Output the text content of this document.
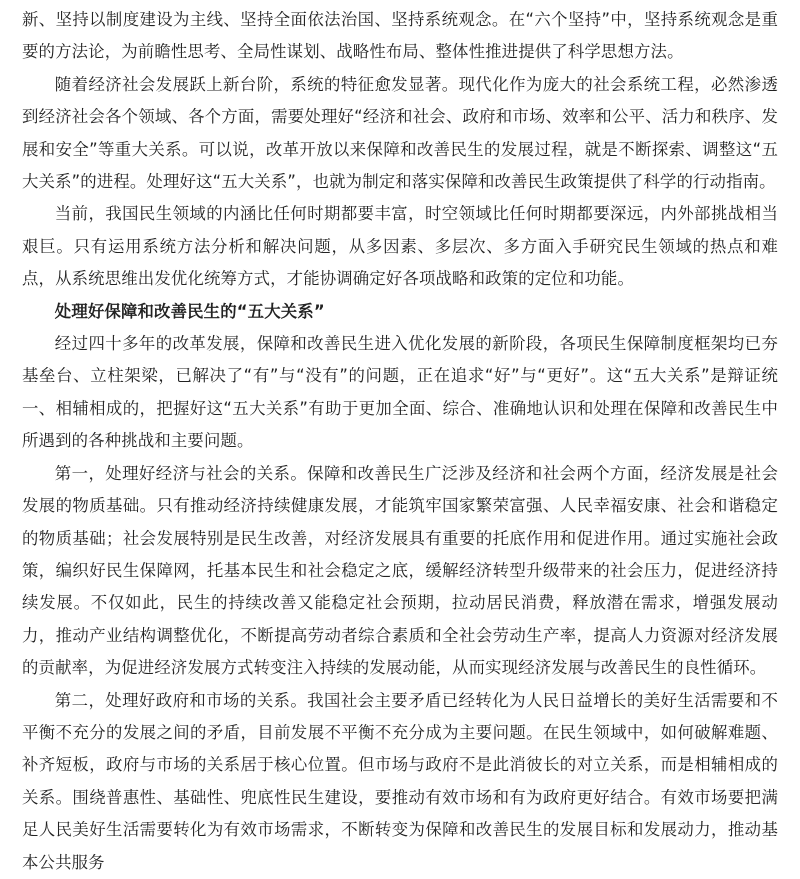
新、坚持以制度建设为主线、坚持全面依法治国、坚持系统观念。在“六个坚持”中，坚持系统观念是重要的方法论，为前瞻性思考、全局性谋划、战略性布局、整体性推进提供了科学思想方法。

随着经济社会发展跃上新台阶，系统的特征愈发显著。现代化作为庞大的社会系统工程，必然渗透到经济社会各个领域、各个方面，需要处理好“经济和社会、政府和市场、效率和公平、活力和秩序、发展和安全”等重大关系。可以说，改革开放以来保障和改善民生的发展过程，就是不断探索、调整这“五大关系”的进程。处理好这“五大关系”，也就为制定和落实保障和改善民生政策提供了科学的行动指南。

当前，我国民生领域的内涵比任何时期都要丰富，时空领域比任何时期都要深远，内外部挑战相当艰巨。只有运用系统方法分析和解决问题，从多因素、多层次、多方面入手研究民生领域的热点和难点，从系统思维出发优化统筹方式，才能协调确定好各项战略和政策的定位和功能。

处理好保障和改善民生的“五大关系”

经过四十多年的改革发展，保障和改善民生进入优化发展的新阶段，各项民生保障制度框架均已夯基垒台、立柱架梁，已解决了“有”与“没有”的问题，正在追求“好”与“更好”。这“五大关系”是辩证统一、相辅相成的，把握好这“五大关系”有助于更加全面、综合、准确地认识和处理在保障和改善民生中所遇到的各种挑战和主要问题。

第一，处理好经济与社会的关系。保障和改善民生广泛涉及经济和社会两个方面，经济发展是社会发展的物质基础。只有推动经济持续健康发展，才能筑牢国家繁荣富强、人民幸福安康、社会和谐稳定的物质基础；社会发展特别是民生改善，对经济发展具有重要的托底作用和促进作用。通过实施社会政策，编织好民生保障网，托基本民生和社会稳定之底，缓解经济转型升级带来的社会压力，促进经济持续发展。不仅如此，民生的持续改善又能稳定社会预期，拉动居民消费，释放潜在需求，增强发展动力，推动产业结构调整优化，不断提高劳动者综合素质和全社会劳动生产率，提高人力资源对经济发展的贡献率，为促进经济发展方式转变注入持续的发展动能，从而实现经济发展与改善民生的良性循环。

第二，处理好政府和市场的关系。我国社会主要矛盾已经转化为人民日益增长的美好生活需要和不平衡不充分的发展之间的矛盾，目前发展不平衡不充分成为主要问题。在民生领域中，如何破解难题、补齐短板，政府与市场的关系居于核心位置。但市场与政府不是此消彼长的对立关系，而是相辅相成的关系。围绕普惠性、基础性、兜底性民生建设，要推动有效市场和有为政府更好结合。有效市场要把满足人民美好生活需要转化为有效市场需求，不断转变为保障和改善民生的发展目标和发展动力，推动基本公共服务
